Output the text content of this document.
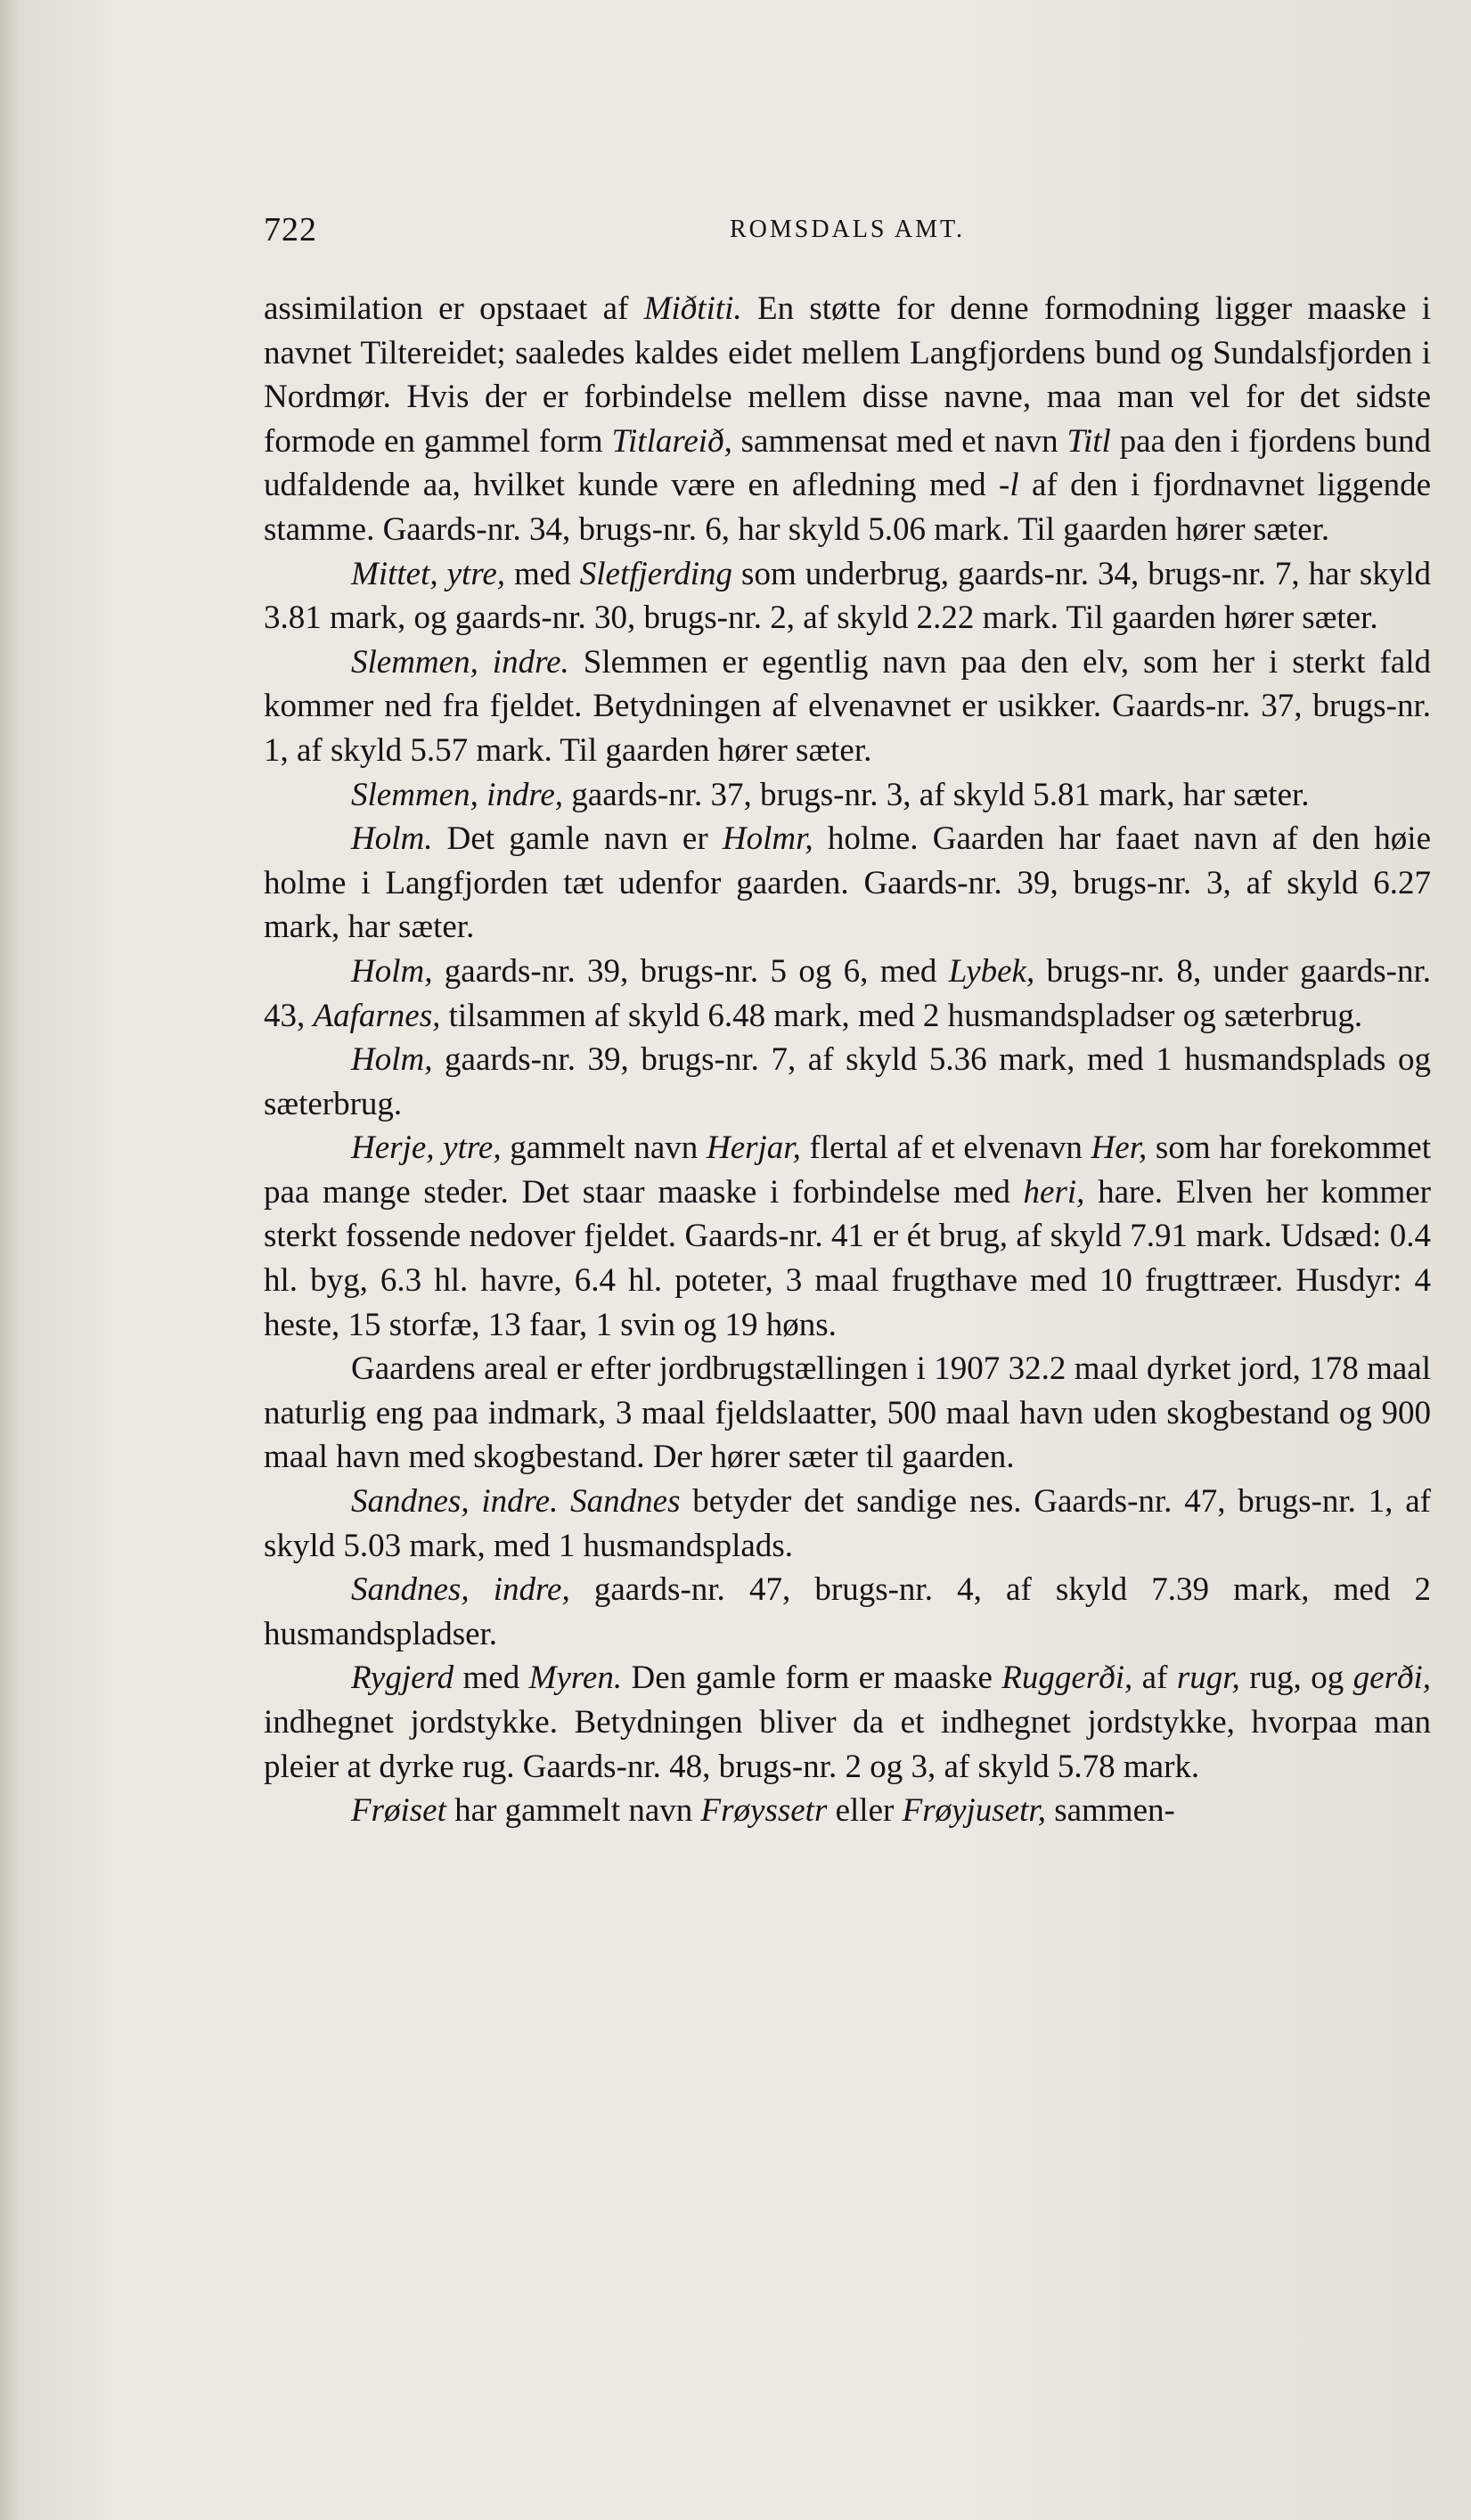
722	ROMSDALS AMT.

assimilation er opstaaet af Miðtiti. En støtte for denne formodning ligger maaske i navnet Tiltereidet; saaledes kaldes eidet mellem Langfjordens bund og Sundalsfjorden i Nordmør. Hvis der er forbindelse mellem disse navne, maa man vel for det sidste formode en gammel form Titlareið, sammensat med et navn Titl paa den i fjordens bund udfaldende aa, hvilket kunde være en afledning med -l af den i fjordnavnet liggende stamme. Gaards-nr. 34, brugs-nr. 6, har skyld 5.06 mark. Til gaarden hører sæter.

Mittet, ytre, med Sletfjerding som underbrug, gaards-nr. 34, brugs-nr. 7, har skyld 3.81 mark, og gaards-nr. 30, brugs-nr. 2, af skyld 2.22 mark. Til gaarden hører sæter.

Slemmen, indre. Slemmen er egentlig navn paa den elv, som her i sterkt fald kommer ned fra fjeldet. Betydningen af elvenavnet er usikker. Gaards-nr. 37, brugs-nr. 1, af skyld 5.57 mark. Til gaarden hører sæter.

Slemmen, indre, gaards-nr. 37, brugs-nr. 3, af skyld 5.81 mark, har sæter.

Holm. Det gamle navn er Holmr, holme. Gaarden har faaet navn af den høie holme i Langfjorden tæt udenfor gaarden. Gaards-nr. 39, brugs-nr. 3, af skyld 6.27 mark, har sæter.

Holm, gaards-nr. 39, brugs-nr. 5 og 6, med Lybek, brugs-nr. 8, under gaards-nr. 43, Aafarnes, tilsammen af skyld 6.48 mark, med 2 husmandspladser og sæterbrug.

Holm, gaards-nr. 39, brugs-nr. 7, af skyld 5.36 mark, med 1 husmandsplads og sæterbrug.

Herje, ytre, gammelt navn Herjar, flertal af et elvenavn Her, som har forekommet paa mange steder. Det staar maaske i forbindelse med heri, hare. Elven her kommer sterkt fossende nedover fjeldet. Gaards-nr. 41 er ét brug, af skyld 7.91 mark. Udsæd: 0.4 hl. byg, 6.3 hl. havre, 6.4 hl. poteter, 3 maal frugthave med 10 frugttræer. Husdyr: 4 heste, 15 storfæ, 13 faar, 1 svin og 19 høns.

Gaardens areal er efter jordbrugstællingen i 1907 32.2 maal dyrket jord, 178 maal naturlig eng paa indmark, 3 maal fjeldslaatter, 500 maal havn uden skogbestand og 900 maal havn med skogbestand. Der hører sæter til gaarden.

Sandnes, indre. Sandnes betyder det sandige nes. Gaards-nr. 47, brugs-nr. 1, af skyld 5.03 mark, med 1 husmandsplads.

Sandnes, indre, gaards-nr. 47, brugs-nr. 4, af skyld 7.39 mark, med 2 husmandspladser.

Rygjerd med Myren. Den gamle form er maaske Ruggerði, af rugr, rug, og gerði, indhegnet jordstykke. Betydningen bliver da et indhegnet jordstykke, hvorpaa man pleier at dyrke rug. Gaards-nr. 48, brugs-nr. 2 og 3, af skyld 5.78 mark.

Frøiset har gammelt navn Frøyssetr eller Frøyjusetr, sammen-
